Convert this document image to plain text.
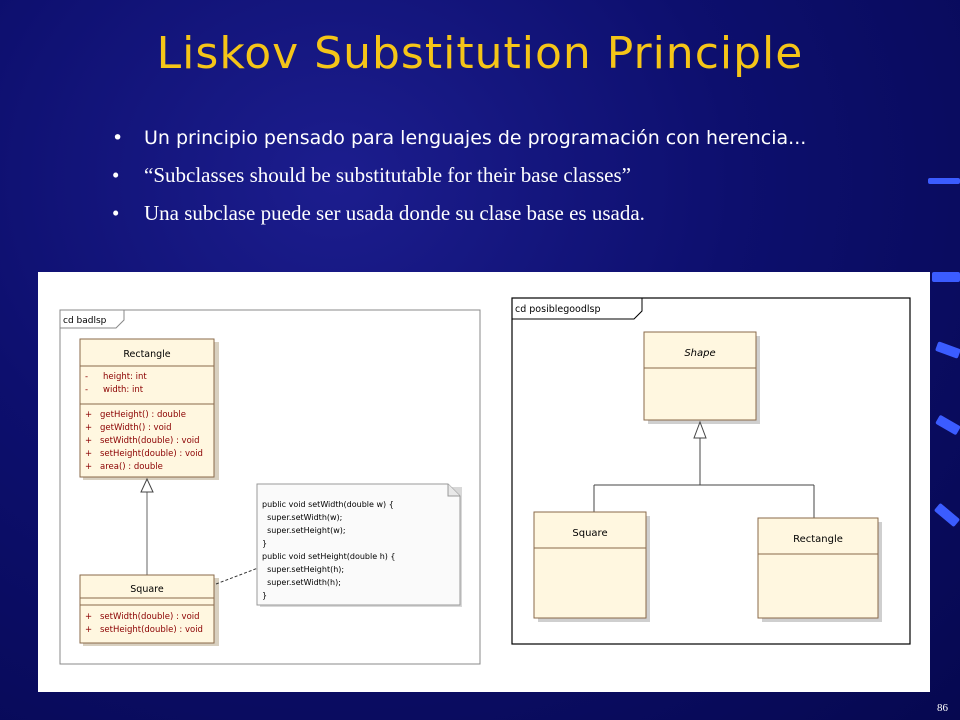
Liskov Substitution Principle
• Un principio pensado para lenguajes de programación con herencia...
• “Subclasses should be substitutable for their base classes”
• Una subclase puede ser usada donde su clase base es usada.
cd badlsp
Rectangle
- height: int
- width: int
+ getHeight() : double
+ getWidth() : void
+ setWidth(double) : void
+ setHeight(double) : void
+ area() : double
Square
+ setWidth(double) : void
+ setHeight(double) : void
public void setWidth(double w) {
super.setWidth(w);
super.setHeight(w);
}
public void setHeight(double h) {
super.setHeight(h);
super.setWidth(h);
}
cd posiblegoodlsp
Shape
Square
Rectangle
86
